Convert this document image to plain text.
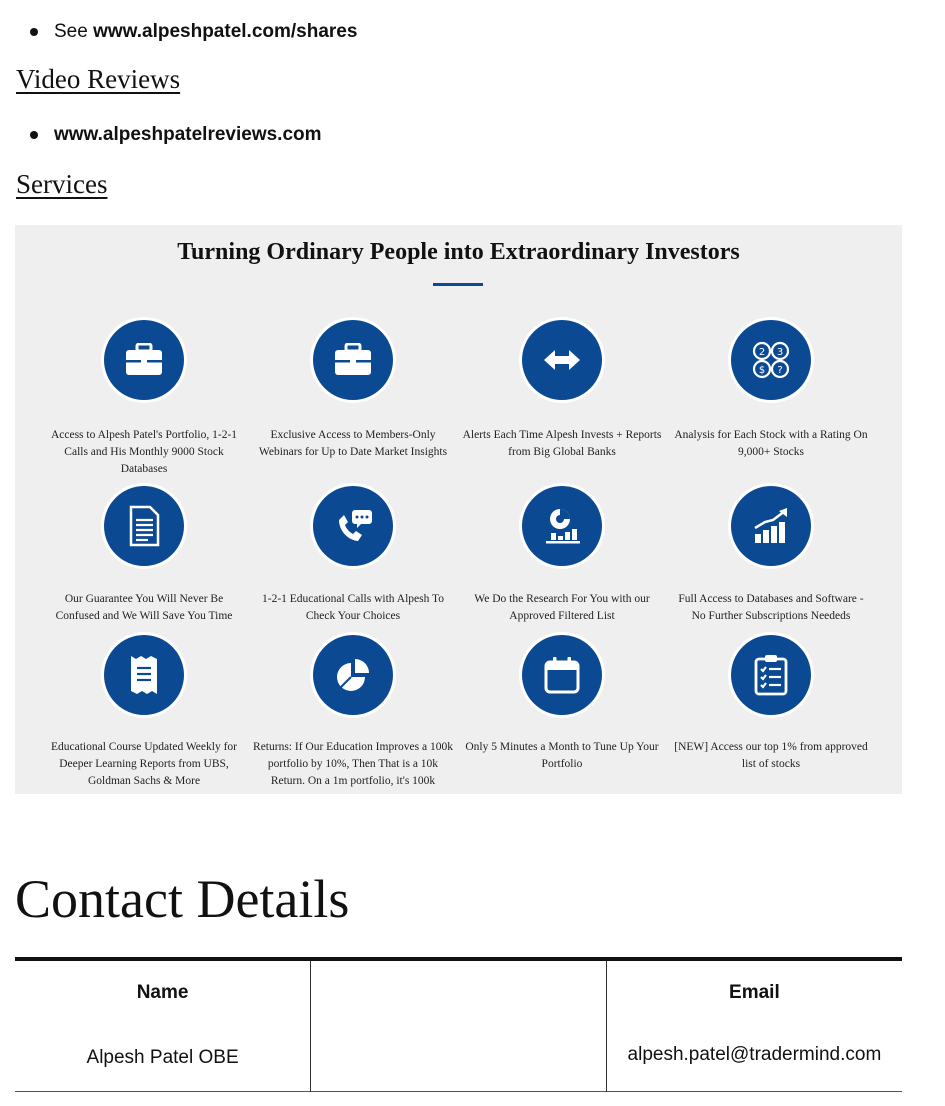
See www.alpeshpatel.com/shares
Video Reviews
www.alpeshpatelreviews.com
Services
Turning Ordinary People into Extraordinary Investors
Access to Alpesh Patel's Portfolio, 1-2-1 Calls and His Monthly 9000 Stock Databases
Exclusive Access to Members-Only Webinars for Up to Date Market Insights
Alerts Each Time Alpesh Invests + Reports from Big Global Banks
2 3
$ ?
Analysis for Each Stock with a Rating On 9,000+ Stocks
Our Guarantee You Will Never Be Confused and We Will Save You Time
1-2-1 Educational Calls with Alpesh To Check Your Choices
We Do the Research For You with our Approved Filtered List
Full Access to Databases and Software - No Further Subscriptions Neededs
Educational Course Updated Weekly for Deeper Learning Reports from UBS, Goldman Sachs & More
Returns: If Our Education Improves a 100k portfolio by 10%, Then That is a 10k Return. On a 1m portfolio, it's 100k
Only 5 Minutes a Month to Tune Up Your Portfolio
[NEW] Access our top 1% from approved list of stocks
Contact Details
Name		Email
Alpesh Patel OBE		alpesh.patel@tradermind.com
